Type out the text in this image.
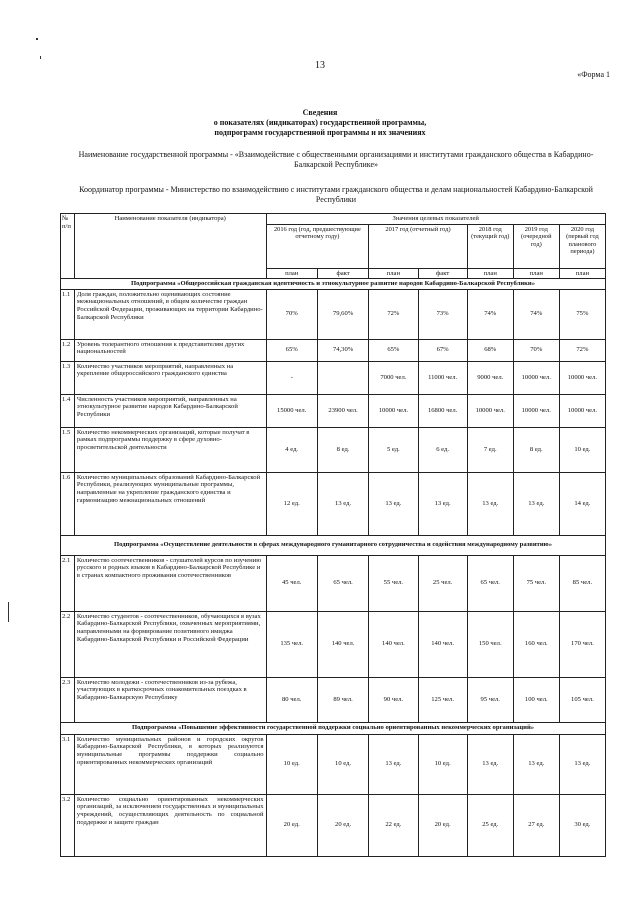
13
«Форма 1
Сведения
о показателях (индикаторах) государственной программы,
подпрограмм государственной программы и их значениях
Наименование государственной программы - «Взаимодействие с общественными организациями и институтами гражданского общества в Кабардино-Балкарской Республике»
Координатор программы - Министерство по взаимодействию с институтами гражданского общества и делам национальностей Кабардино-Балкарской Республики
№ п/п	Наименование показателя (индикатора)	Значения целевых показателей						
		2016 год (год, предшествующие отчетному году)		2017 год (отчетный год)		2018 год (текущий год)	2019 год (очередной год)	2020 год (первый год планового периода)
		план	факт	план	факт	план	план	план
Подпрограмма «Общероссийская гражданская идентичность и этнокультурное развитие народов Кабардино-Балкарской Республики»								
1.1	Доля граждан, положительно оценивающих состояние межнациональных отношений, в общем количестве граждан Российской Федерации, проживающих на территории Кабардино-Балкарской Республики	70%	79,60%	72%	73%	74%	74%	75%
1.2	Уровень толерантного отношения к представителям других национальностей	65%	74,30%	65%	67%	68%	70%	72%
1.3	Количество участников мероприятий, направленных на укрепление общероссийского гражданского единства	-		7000 чел.	11000 чел.	9000 чел.	10000 чел.	10000 чел.
1.4	Численность участников мероприятий, направленных на этнокультурное развитие народов Кабардино-Балкарской Республики	15000 чел.	23900 чел.	10000 чел.	16800 чел.	10000 чел.	10000 чел.	10000 чел.
1.5	Количество некоммерческих организаций, которые получат в рамках подпрограммы поддержку в сфере духовно-просветительской деятельности	4 ед.	8 ед.	5 ед.	6 ед.	7 ед.	8 ед.	10 ед.
1.6	Количество муниципальных образований Кабардино-Балкарской Республики, реализующих муниципальные программы, направленные на укрепление гражданского единства и гармонизацию межнациональных отношений	12 ед.	13 ед.	13 ед.	13 ед.	13 ед.	13 ед.	14 ед.
Подпрограмма «Осуществление деятельности в сферах международного гуманитарного сотрудничества и содействия международному развитию»								
2.1	Количество соотечественников - слушателей курсов по изучению русского и родных языков в Кабардино-Балкарской Республике и в странах компактного проживания соотечественников	45 чел.	65 чел.	55 чел.	25 чел.	65 чел.	75 чел.	85 чел.
2.2	Количество студентов - соотечественников, обучающихся в вузах Кабардино-Балкарской Республики, охваченных мероприятиями, направленными на формирование позитивного имиджа Кабардино-Балкарской Республики и Российской Федерации	135 чел.	140 чел.	140 чел.	140 чел.	150 чел.	160 чел.	170 чел.
2.3	Количество молодежи - соотечественников из-за рубежа, участвующих в краткосрочных ознакомительных поездках в Кабардино-Балкарскую Республику	80 чел.	89 чел.	90 чел.	125 чел.	95 чел.	100 чел.	105 чел.
Подпрограмма «Повышение эффективности государственной поддержки социально ориентированных некоммерческих организаций»								
3.1	Количество муниципальных районов и городских округов Кабардино-Балкарской Республики, в которых реализуются муниципальные программы поддержки социально ориентированных некоммерческих организаций	10 ед.	10 ед.	13 ед.	10 ед.	13 ед.	13 ед.	13 ед.
3.2	Количество социально ориентированных некоммерческих организаций, за исключением государственных и муниципальных учреждений, осуществляющих деятельность по социальной поддержке и защите граждан	20 ед.	20 ед.	22 ед.	20 ед.	25 ед.	27 ед.	30 ед.
